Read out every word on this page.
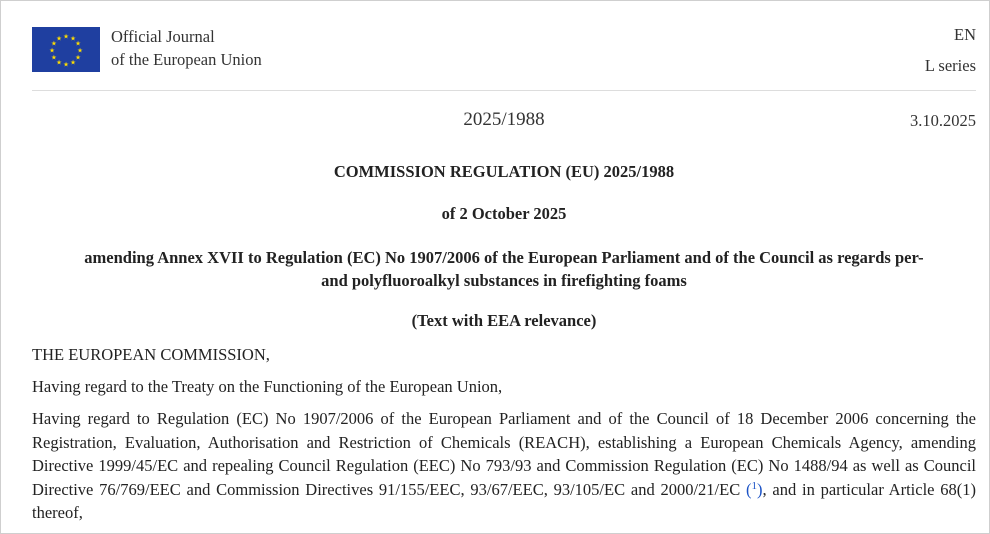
★ ★
★
★
★
★
★
★
★
★
★
★	Official Journal
of the European Union
EN
L series
2025/1988	3.10.2025
COMMISSION REGULATION (EU) 2025/1988
of 2 October 2025
amending Annex XVII to Regulation (EC) No 1907/2006 of the European Parliament and of the Council as regards per-
and polyfluoroalkyl substances in firefighting foams
(Text with EEA relevance)
THE EUROPEAN COMMISSION,
Having regard to the Treaty on the Functioning of the European Union,
Having regard to Regulation (EC) No 1907/2006 of the European Parliament and of the Council of 18 December 2006 concerning the Registration, Evaluation, Authorisation and Restriction of Chemicals (REACH), establishing a European Chemicals Agency, amending Directive 1999/45/EC and repealing Council Regulation (EEC) No 793/93 and Commission Regulation (EC) No 1488/94 as well as Council Directive 76/769/EEC and Commission Directives 91/155/EEC, 93/67/EEC, 93/105/EC and 2000/21/EC ($^1$), and in particular Article 68(1) thereof,
